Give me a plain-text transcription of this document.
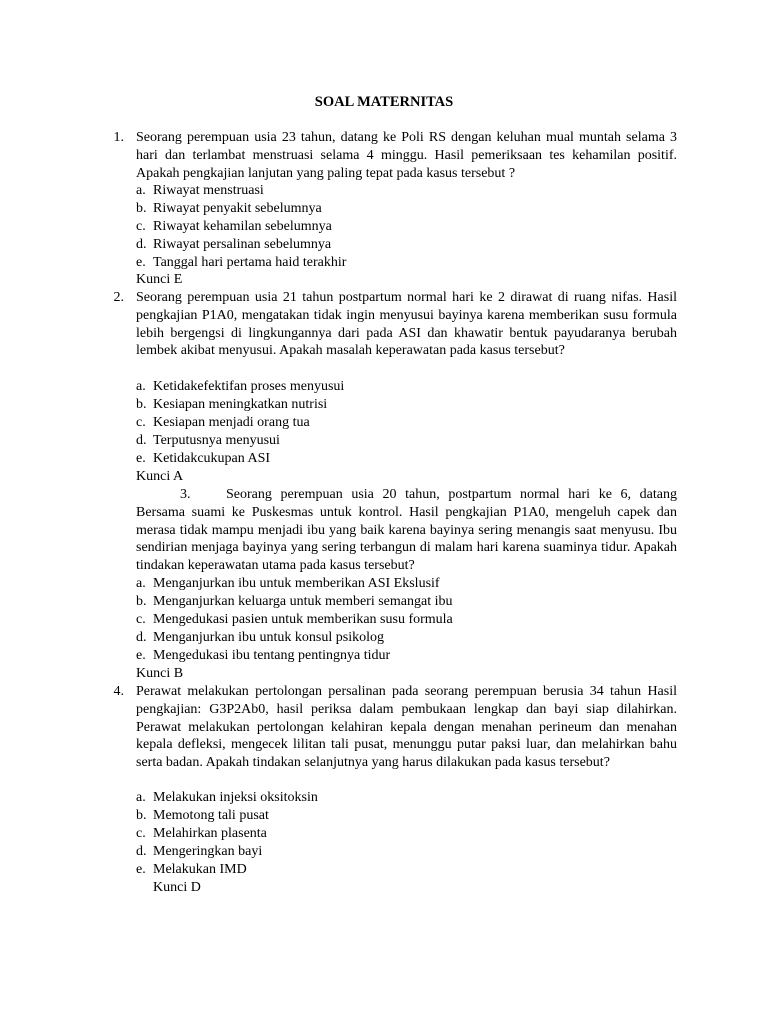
SOAL MATERNITAS
1. Seorang perempuan usia 23 tahun, datang ke Poli RS dengan keluhan mual muntah selama 3 hari dan terlambat menstruasi selama 4 minggu. Hasil pemeriksaan tes kehamilan positif. Apakah pengkajian lanjutan yang paling tepat pada kasus tersebut ?
a. Riwayat menstruasi
b. Riwayat penyakit sebelumnya
c. Riwayat kehamilan sebelumnya
d. Riwayat persalinan sebelumnya
e. Tanggal hari pertama haid terakhir
Kunci E
2. Seorang perempuan usia 21 tahun postpartum normal hari ke 2 dirawat di ruang nifas. Hasil pengkajian P1A0, mengatakan tidak ingin menyusui bayinya karena memberikan susu formula lebih bergengsi di lingkungannya dari pada ASI dan khawatir bentuk payudaranya berubah lembek akibat menyusui. Apakah masalah keperawatan pada kasus tersebut?
a. Ketidakefektifan proses menyusui
b. Kesiapan meningkatkan nutrisi
c. Kesiapan menjadi orang tua
d. Terputusnya menyusui
e. Ketidakcukupan ASI
Kunci A
3.	Seorang perempuan usia 20 tahun, postpartum normal hari ke 6, datang Bersama suami ke Puskesmas untuk kontrol. Hasil pengkajian P1A0, mengeluh capek dan merasa tidak mampu menjadi ibu yang baik karena bayinya sering menangis saat menyusu. Ibu sendirian menjaga bayinya yang sering terbangun di malam hari karena suaminya tidur. Apakah tindakan keperawatan utama pada kasus tersebut?
a. Menganjurkan ibu untuk memberikan ASI Ekslusif
b. Menganjurkan keluarga untuk memberi semangat ibu
c. Mengedukasi pasien untuk memberikan susu formula
d. Menganjurkan ibu untuk konsul psikolog
e. Mengedukasi ibu tentang pentingnya tidur
Kunci B
4. Perawat melakukan pertolongan persalinan pada seorang perempuan berusia 34 tahun Hasil pengkajian: G3P2Ab0, hasil periksa dalam pembukaan lengkap dan bayi siap dilahirkan. Perawat melakukan pertolongan kelahiran kepala dengan menahan perineum dan menahan kepala defleksi, mengecek lilitan tali pusat, menunggu putar paksi luar, dan melahirkan bahu serta badan. Apakah tindakan selanjutnya yang harus dilakukan pada kasus tersebut?
a. Melakukan injeksi oksitoksin
b. Memotong tali pusat
c. Melahirkan plasenta
d. Mengeringkan bayi
e. Melakukan IMD
Kunci D
